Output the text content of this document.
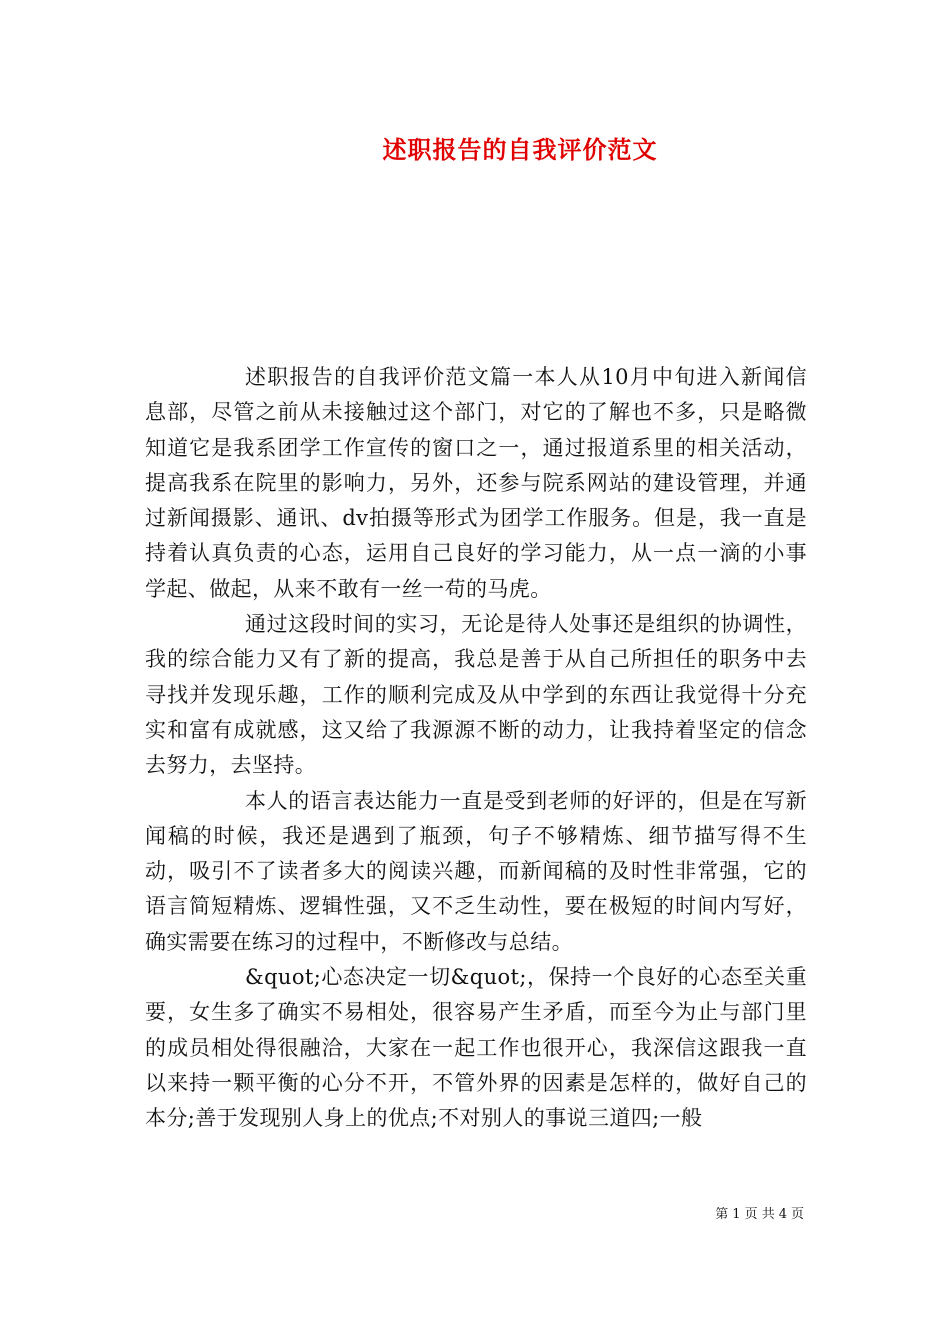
述职报告的自我评价范文

述职报告的自我评价范文篇一本人从10月中旬进入新闻信息部，尽管之前从未接触过这个部门，对它的了解也不多，只是略微知道它是我系团学工作宣传的窗口之一，通过报道系里的相关活动，提高我系在院里的影响力，另外，还参与院系网站的建设管理，并通过新闻摄影、通讯、dv拍摄等形式为团学工作服务。但是，我一直是持着认真负责的心态，运用自己良好的学习能力，从一点一滴的小事学起、做起，从来不敢有一丝一苟的马虎。

通过这段时间的实习，无论是待人处事还是组织的协调性，我的综合能力又有了新的提高，我总是善于从自己所担任的职务中去寻找并发现乐趣，工作的顺利完成及从中学到的东西让我觉得十分充实和富有成就感，这又给了我源源不断的动力，让我持着坚定的信念去努力，去坚持。

本人的语言表达能力一直是受到老师的好评的，但是在写新闻稿的时候，我还是遇到了瓶颈，句子不够精炼、细节描写得不生动，吸引不了读者多大的阅读兴趣，而新闻稿的及时性非常强，它的语言简短精炼、逻辑性强，又不乏生动性，要在极短的时间内写好，确实需要在练习的过程中，不断修改与总结。

&quot;心态决定一切&quot;，保持一个良好的心态至关重要，女生多了确实不易相处，很容易产生矛盾，而至今为止与部门里的成员相处得很融洽，大家在一起工作也很开心，我深信这跟我一直以来持一颗平衡的心分不开，不管外界的因素是怎样的，做好自己的本分;善于发现别人身上的优点;不对别人的事说三道四;一般

第 1 页 共 4 页
